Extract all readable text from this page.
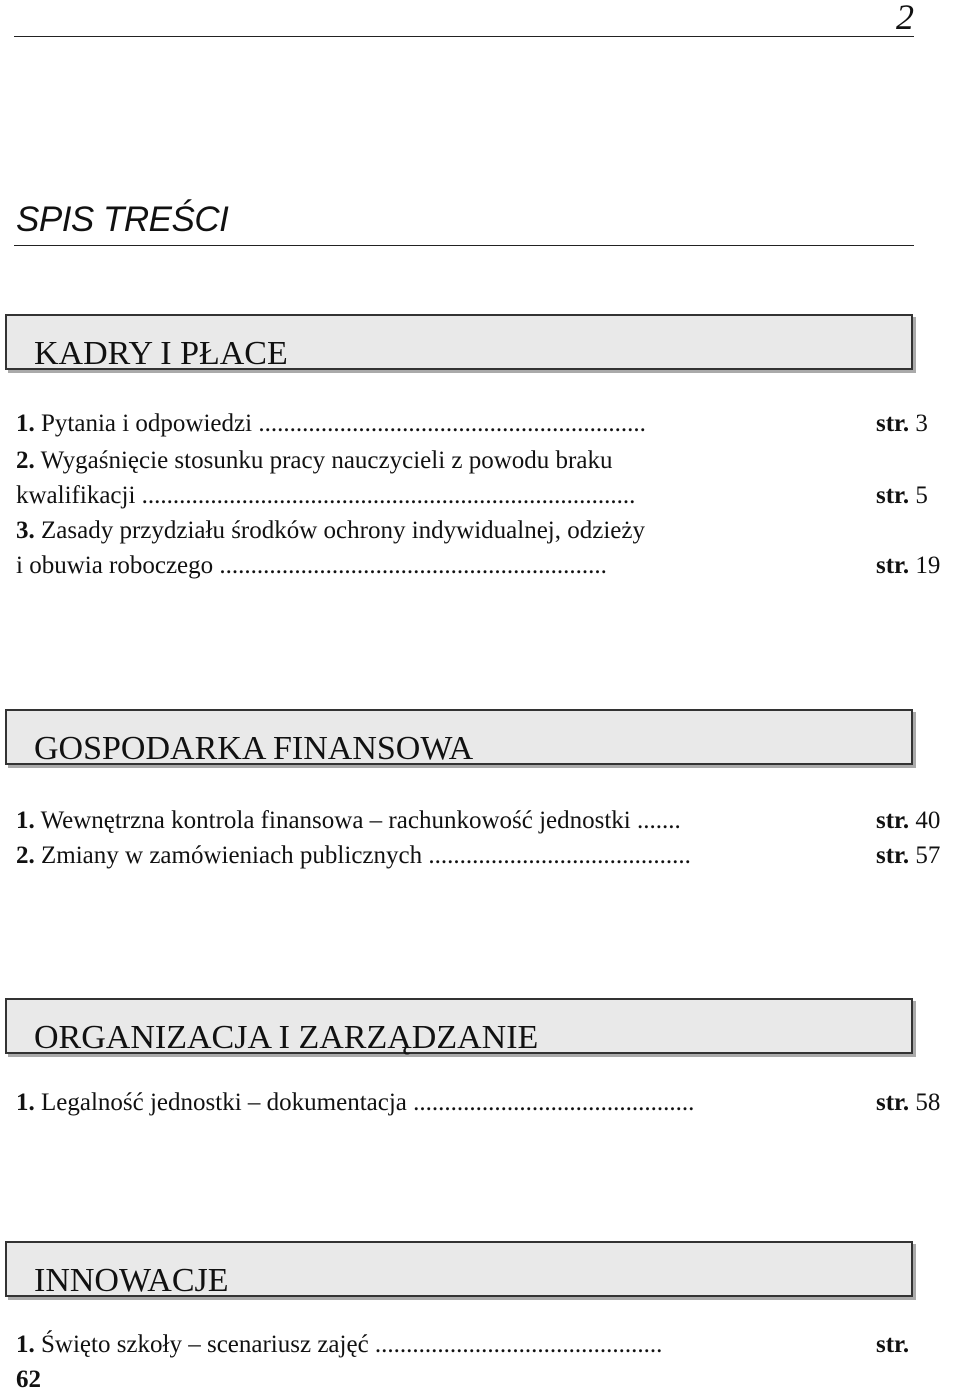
2
SPIS TREŚCI
KADRY I PŁACE
1. Pytania i odpowiedzi ..............................................................	str. 3
2. Wygaśnięcie stosunku pracy nauczycieli z powodu braku
kwalifikacji ...............................................................................	str. 5
3. Zasady przydziału środków ochrony indywidualnej, odzieży
i obuwia roboczego ..............................................................	str. 19
GOSPODARKA FINANSOWA
1. Wewnętrzna kontrola finansowa – rachunkowość jednostki .......	str. 40
2. Zmiany w zamówieniach publicznych ..........................................	str. 57
ORGANIZACJA I ZARZĄDZANIE
1. Legalność jednostki – dokumentacja .............................................	str. 58
INNOWACJE
1. Święto szkoły – scenariusz zajęć ..............................................	str.
62
